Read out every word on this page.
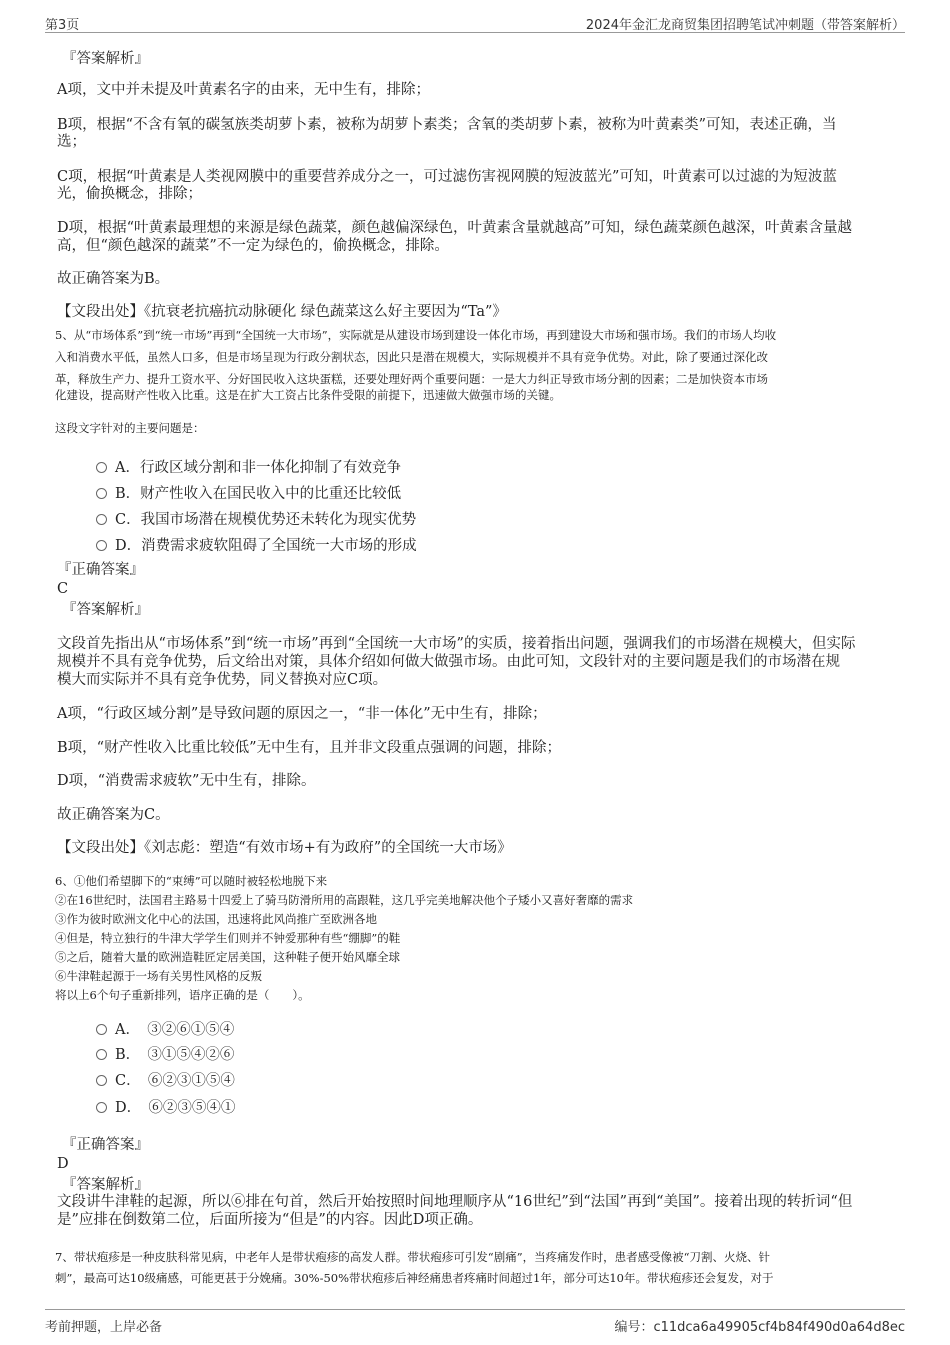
第3页	2024年金汇龙商贸集团招聘笔试冲刺题（带答案解析）
『答案解析』
A项，文中并未提及叶黄素名字的由来，无中生有，排除；
B项，根据“不含有氧的碳氢族类胡萝卜素，被称为胡萝卜素类；含氧的类胡萝卜素，被称为叶黄素类”可知，表述正确，当
选；
C项，根据“叶黄素是人类视网膜中的重要营养成分之一，可过滤伤害视网膜的短波蓝光”可知，叶黄素可以过滤的为短波蓝
光，偷换概念，排除；
D项，根据“叶黄素最理想的来源是绿色蔬菜，颜色越偏深绿色，叶黄素含量就越高”可知，绿色蔬菜颜色越深，叶黄素含量越
高，但“颜色越深的蔬菜”不一定为绿色的，偷换概念，排除。
故正确答案为B。
【文段出处】《抗衰老抗癌抗动脉硬化 绿色蔬菜这么好主要因为“Ta”》
5、从“市场体系”到“统一市场”再到“全国统一大市场”，实际就是从建设市场到建设一体化市场，再到建设大市场和强市场。我们的市场人均收
入和消费水平低，虽然人口多，但是市场呈现为行政分割状态，因此只是潜在规模大，实际规模并不具有竞争优势。对此，除了要通过深化改
革，释放生产力、提升工资水平、分好国民收入这块蛋糕，还要处理好两个重要问题：一是大力纠正导致市场分割的因素；二是加快资本市场
化建设，提高财产性收入比重。这是在扩大工资占比条件受限的前提下，迅速做大做强市场的关键。
这段文字针对的主要问题是：
A．行政区域分割和非一体化抑制了有效竞争
B．财产性收入在国民收入中的比重还比较低
C．我国市场潜在规模优势还未转化为现实优势
D．消费需求疲软阻碍了全国统一大市场的形成
『正确答案』
C
『答案解析』
文段首先指出从“市场体系”到“统一市场”再到“全国统一大市场”的实质，接着指出问题，强调我们的市场潜在规模大，但实际
规模并不具有竞争优势，后文给出对策，具体介绍如何做大做强市场。由此可知，文段针对的主要问题是我们的市场潜在规
模大而实际并不具有竞争优势，同义替换对应C项。
A项，“行政区域分割”是导致问题的原因之一，“非一体化”无中生有，排除；
B项，“财产性收入比重比较低”无中生有，且并非文段重点强调的问题，排除；
D项，“消费需求疲软”无中生有，排除。
故正确答案为C。
【文段出处】《刘志彪：塑造“有效市场+有为政府”的全国统一大市场》
6、①他们希望脚下的“束缚”可以随时被轻松地脱下来
②在16世纪时，法国君主路易十四爱上了骑马防滑所用的高跟鞋，这几乎完美地解决他个子矮小又喜好奢靡的需求
③作为彼时欧洲文化中心的法国，迅速将此风尚推广至欧洲各地
④但是，特立独行的牛津大学学生们则并不钟爱那种有些“绷脚”的鞋
⑤之后，随着大量的欧洲造鞋匠定居美国，这种鞋子便开始风靡全球
⑥牛津鞋起源于一场有关男性风格的反叛
将以上6个句子重新排列，语序正确的是（　　）。
A．　③②⑥①⑤④
B．　③①⑤④②⑥
C．　⑥②③①⑤④
D．　⑥②③⑤④①
『正确答案』
D
『答案解析』
文段讲牛津鞋的起源，所以⑥排在句首，然后开始按照时间地理顺序从“16世纪”到“法国”再到“美国”。接着出现的转折词“但
是”应排在倒数第二位，后面所接为“但是”的内容。因此D项正确。
7、带状疱疹是一种皮肤科常见病，中老年人是带状疱疹的高发人群。带状疱疹可引发“剧痛”，当疼痛发作时，患者感受像被“刀割、火烧、针
刺”，最高可达10级痛感，可能更甚于分娩痛。30%-50%带状疱疹后神经痛患者疼痛时间超过1年，部分可达10年。带状疱疹还会复发，对于
考前押题，上岸必备	编号：c11dca6a49905cf4b84f490d0a64d8ec
